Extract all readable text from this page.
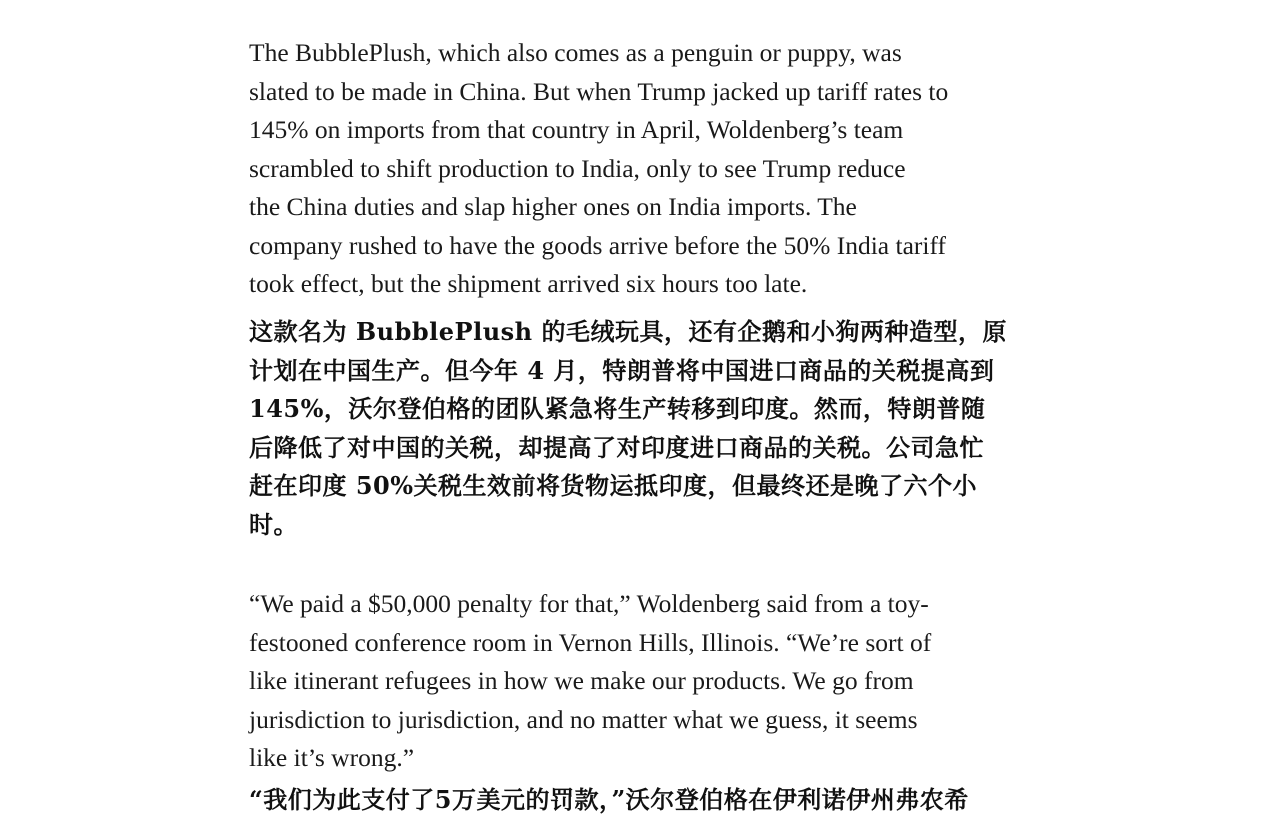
The BubblePlush, which also comes as a penguin or puppy, was
slated to be made in China. But when Trump jacked up tariff rates to
145% on imports from that country in April, Woldenberg’s team
scrambled to shift production to India, only to see Trump reduce
the China duties and slap higher ones on India imports. The
company rushed to have the goods arrive before the 50% India tariff
took effect, but the shipment arrived six hours too late.
这款名为 BubblePlush 的毛绒玩具，还有企鹅和小狗两种造型，原
计划在中国生产。但今年 4 月，特朗普将中国进口商品的关税提高到
145%，沃尔登伯格的团队紧急将生产转移到印度。然而，特朗普随
后降低了对中国的关税，却提高了对印度进口商品的关税。公司急忙
赶在印度 50%关税生效前将货物运抵印度，但最终还是晚了六个小
时。
“We paid a $50,000 penalty for that,” Woldenberg said from a toy-
festooned conference room in Vernon Hills, Illinois. “We’re sort of
like itinerant refugees in how we make our products. We go from
jurisdiction to jurisdiction, and no matter what we guess, it seems
like it’s wrong.”
“我们为此支付了5万美元的罚款，”沃尔登伯格在伊利诺伊州弗农希
